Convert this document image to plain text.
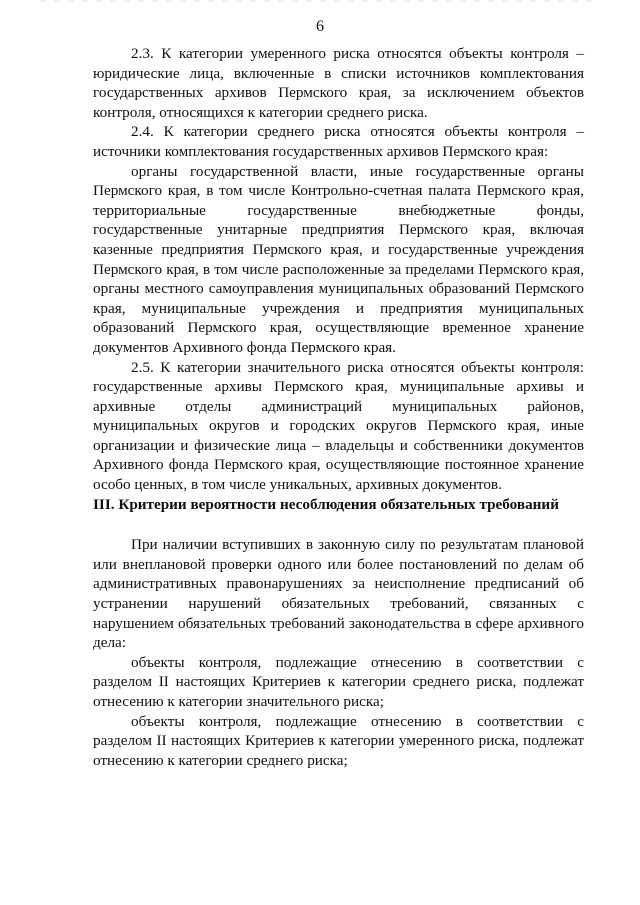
6

2.3. К категории умеренного риска относятся объекты контроля – юридические лица, включенные в списки источников комплектования государственных архивов Пермского края, за исключением объектов контроля, относящихся к категории среднего риска.

2.4. К категории среднего риска относятся объекты контроля – источники комплектования государственных архивов Пермского края:

органы государственной власти, иные государственные органы Пермского края, в том числе Контрольно-счетная палата Пермского края, территориальные государственные внебюджетные фонды, государственные унитарные предприятия Пермского края, включая казенные предприятия Пермского края, и государственные учреждения Пермского края, в том числе расположенные за пределами Пермского края, органы местного самоуправления муниципальных образований Пермского края, муниципальные учреждения и предприятия муниципальных образований Пермского края, осуществляющие временное хранение документов Архивного фонда Пермского края.

2.5. К категории значительного риска относятся объекты контроля: государственные архивы Пермского края, муниципальные архивы и архивные отделы администраций муниципальных районов, муниципальных округов и городских округов Пермского края, иные организации и физические лица – владельцы и собственники документов Архивного фонда Пермского края, осуществляющие постоянное хранение особо ценных, в том числе уникальных, архивных документов.

III. Критерии вероятности несоблюдения обязательных требований

При наличии вступивших в законную силу по результатам плановой или внеплановой проверки одного или более постановлений по делам об административных правонарушениях за неисполнение предписаний об устранении нарушений обязательных требований, связанных с нарушением обязательных требований законодательства в сфере архивного дела:

объекты контроля, подлежащие отнесению в соответствии с разделом II настоящих Критериев к категории среднего риска, подлежат отнесению к категории значительного риска;

объекты контроля, подлежащие отнесению в соответствии с разделом II настоящих Критериев к категории умеренного риска, подлежат отнесению к категории среднего риска;
